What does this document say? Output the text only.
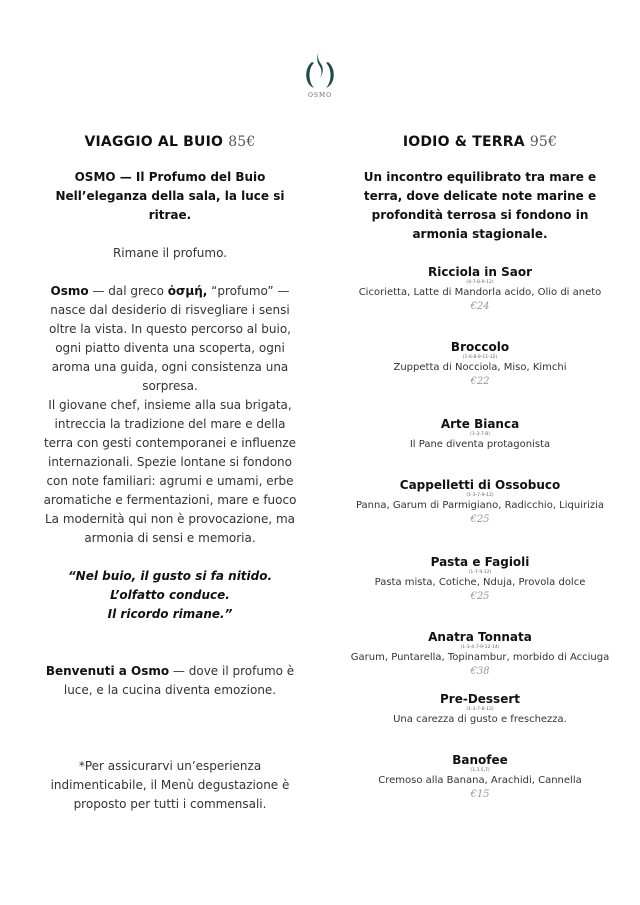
OSMO
VIAGGIO AL BUIO 85€
OSMO — Il Profumo del Buio
Nell’eleganza della sala, la luce si ritrae.
Rimane il profumo.
Osmo — dal greco ὀσμή, “profumo” — nasce dal desiderio di risvegliare i sensi oltre la vista. In questo percorso al buio, ogni piatto diventa una scoperta, ogni aroma una guida, ogni consistenza una sorpresa.
Il giovane chef, insieme alla sua brigata, intreccia la tradizione del mare e della terra con gesti contemporanei e influenze internazionali. Spezie lontane si fondono con note familiari: agrumi e umami, erbe aromatiche e fermentazioni, mare e fuoco La modernità qui non è provocazione, ma armonia di sensi e memoria.
“Nel buio, il gusto si fa nitido.
L’olfatto conduce.
Il ricordo rimane.”
Benvenuti a Osmo — dove il profumo è luce, e la cucina diventa emozione.
*Per assicurarvi un’esperienza indimenticabile, il Menù degustazione è proposto per tutti i commensali.
IODIO & TERRA 95€
Un incontro equilibrato tra mare e terra, dove delicate note marine e profondità terrosa si fondono in armonia stagionale.
Ricciola in Saor
(4-7-8-9-12)
Cicorietta, Latte di Mandorla acido, Olio di aneto
€24
Broccolo
(1-6-8-9-11-12)
Zuppetta di Nocciola, Miso, Kimchi
€22
Arte Bianca
(1-3-7-8)
Il Pane diventa protagonista
Cappelletti di Ossobuco
(1-3-7-9-12)
Panna, Garum di Parmigiano, Radicchio, Liquirizia
€25
Pasta e Fagioli
(1-7-9-12)
Pasta mista, Cotiche, Nduja, Provola dolce
€25
Anatra Tonnata
(1-3-4-7-9-12-14)
Garum, Puntarella, Topinambur, morbido di Acciuga
€38
Pre-Dessert
(1-3-7-8-12)
Una carezza di gusto e freschezza.
Banofee
(1,3,5,7)
Cremoso alla Banana, Arachidi, Cannella
€15
